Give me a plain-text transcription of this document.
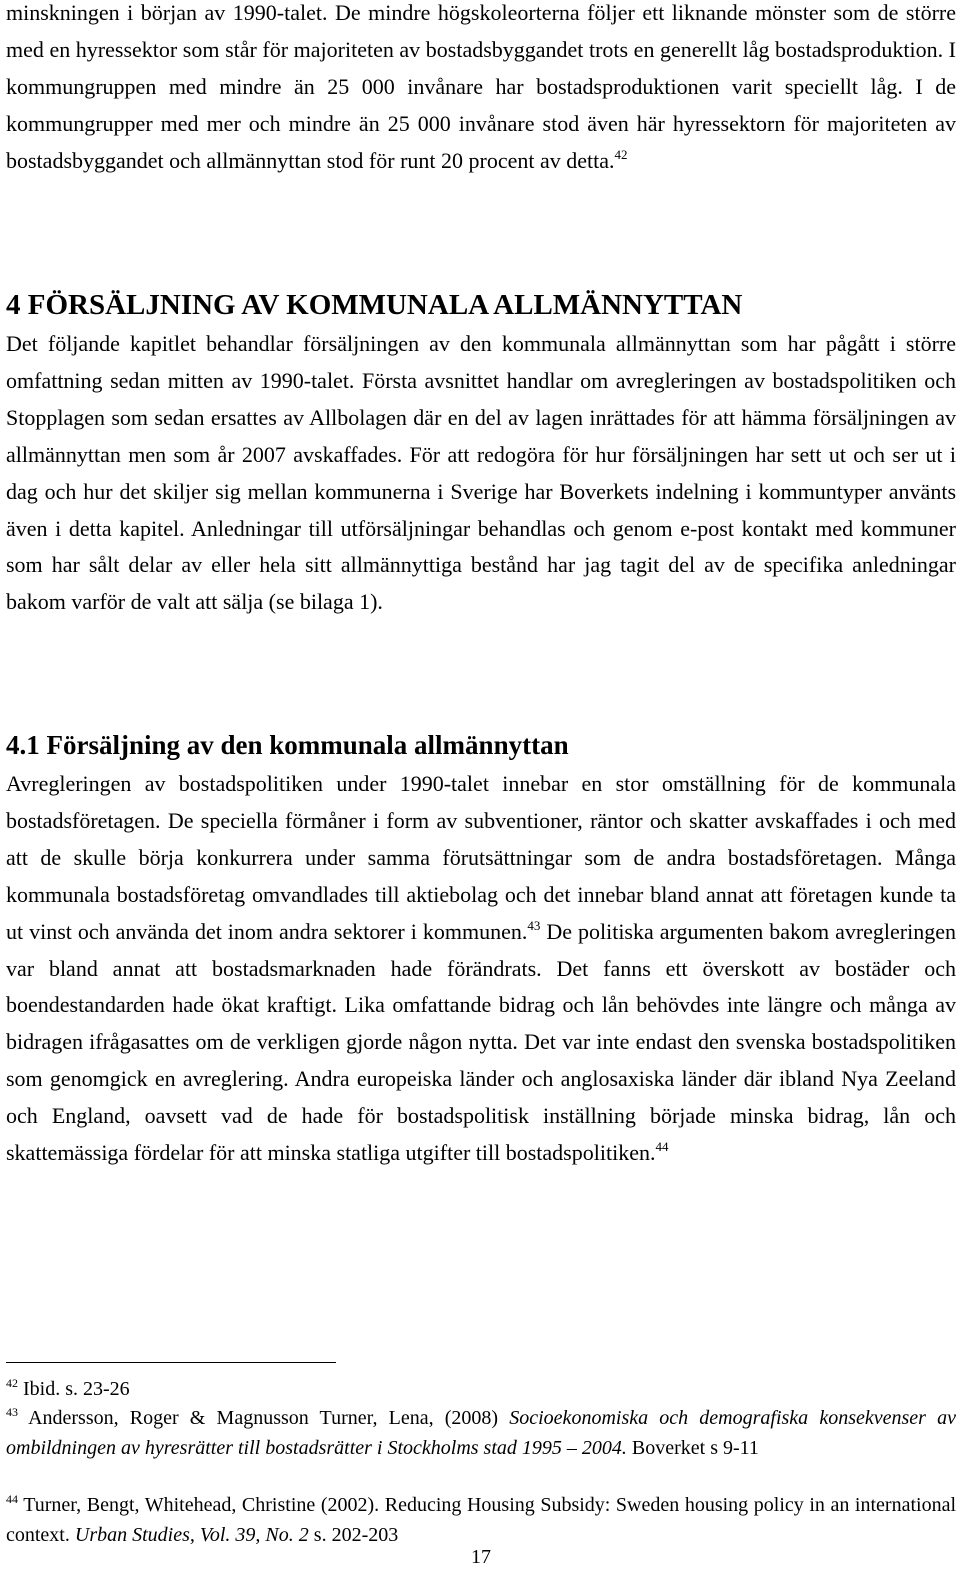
minskningen i början av 1990-talet. De mindre högskoleorterna följer ett liknande mönster som de större med en hyressektor som står för majoriteten av bostadsbyggandet trots en generellt låg bostadsproduktion. I kommungruppen med mindre än 25 000 invånare har bostadsproduktionen varit speciellt låg. I de kommungrupper med mer och mindre än 25 000 invånare stod även här hyressektorn för majoriteten av bostadsbyggandet och allmännyttan stod för runt 20 procent av detta.$^{42}$

4 FÖRSÄLJNING AV KOMMUNALA ALLMÄNNYTTAN

Det följande kapitlet behandlar försäljningen av den kommunala allmännyttan som har pågått i större omfattning sedan mitten av 1990-talet. Första avsnittet handlar om avregleringen av bostadspolitiken och Stopplagen som sedan ersattes av Allbolagen där en del av lagen inrättades för att hämma försäljningen av allmännyttan men som år 2007 avskaffades. För att redogöra för hur försäljningen har sett ut och ser ut i dag och hur det skiljer sig mellan kommunerna i Sverige har Boverkets indelning i kommuntyper använts även i detta kapitel. Anledningar till utförsäljningar behandlas och genom e-post kontakt med kommuner som har sålt delar av eller hela sitt allmännyttiga bestånd har jag tagit del av de specifika anledningar bakom varför de valt att sälja (se bilaga 1).

4.1 Försäljning av den kommunala allmännyttan

Avregleringen av bostadspolitiken under 1990-talet innebar en stor omställning för de kommunala bostadsföretagen. De speciella förmåner i form av subventioner, räntor och skatter avskaffades i och med att de skulle börja konkurrera under samma förutsättningar som de andra bostadsföretagen. Många kommunala bostadsföretag omvandlades till aktiebolag och det innebar bland annat att företagen kunde ta ut vinst och använda det inom andra sektorer i kommunen.$^{43}$ De politiska argumenten bakom avregleringen var bland annat att bostadsmarknaden hade förändrats. Det fanns ett överskott av bostäder och boendestandarden hade ökat kraftigt. Lika omfattande bidrag och lån behövdes inte längre och många av bidragen ifrågasattes om de verkligen gjorde någon nytta. Det var inte endast den svenska bostadspolitiken som genomgick en avreglering. Andra europeiska länder och anglosaxiska länder där ibland Nya Zeeland och England, oavsett vad de hade för bostadspolitisk inställning började minska bidrag, lån och skattemässiga fördelar för att minska statliga utgifter till bostadspolitiken.$^{44}$

$^{42}$ Ibid. s. 23-26

$^{43}$ Andersson, Roger & Magnusson Turner, Lena, (2008) Socioekonomiska och demografiska konsekvenser av ombildningen av hyresrätter till bostadsrätter i Stockholms stad 1995 – 2004. Boverket s 9-11

$^{44}$ Turner, Bengt, Whitehead, Christine (2002). Reducing Housing Subsidy: Sweden housing policy in an international context. Urban Studies, Vol. 39, No. 2 s. 202-203

17
